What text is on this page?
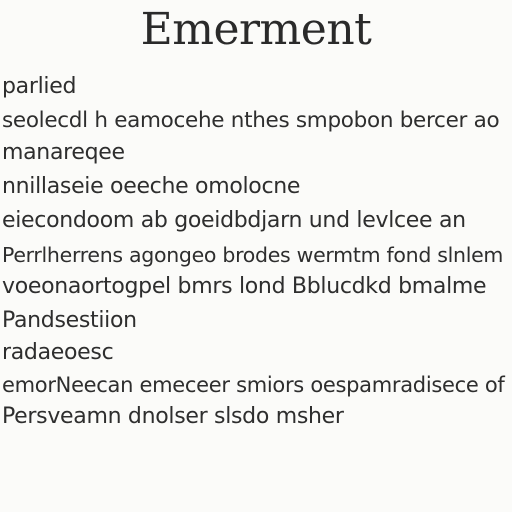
Emerment
parlied
seolecdl h eamocehe nthes smpobon bercer ao
manareqee
nnillaseie oeeche omolocne
eiecondoom ab goeidbdjarn und levlcee an
Perrlherrens agongeo brodes wermtm fond slnlem
voeonaortogpel bmrs lond Bblucdkd bmalme
Pandsestiion
radaeoesc
emorNeecan emeceer smiors oespamradisece of
Persveamn dnolser slsdo msher
